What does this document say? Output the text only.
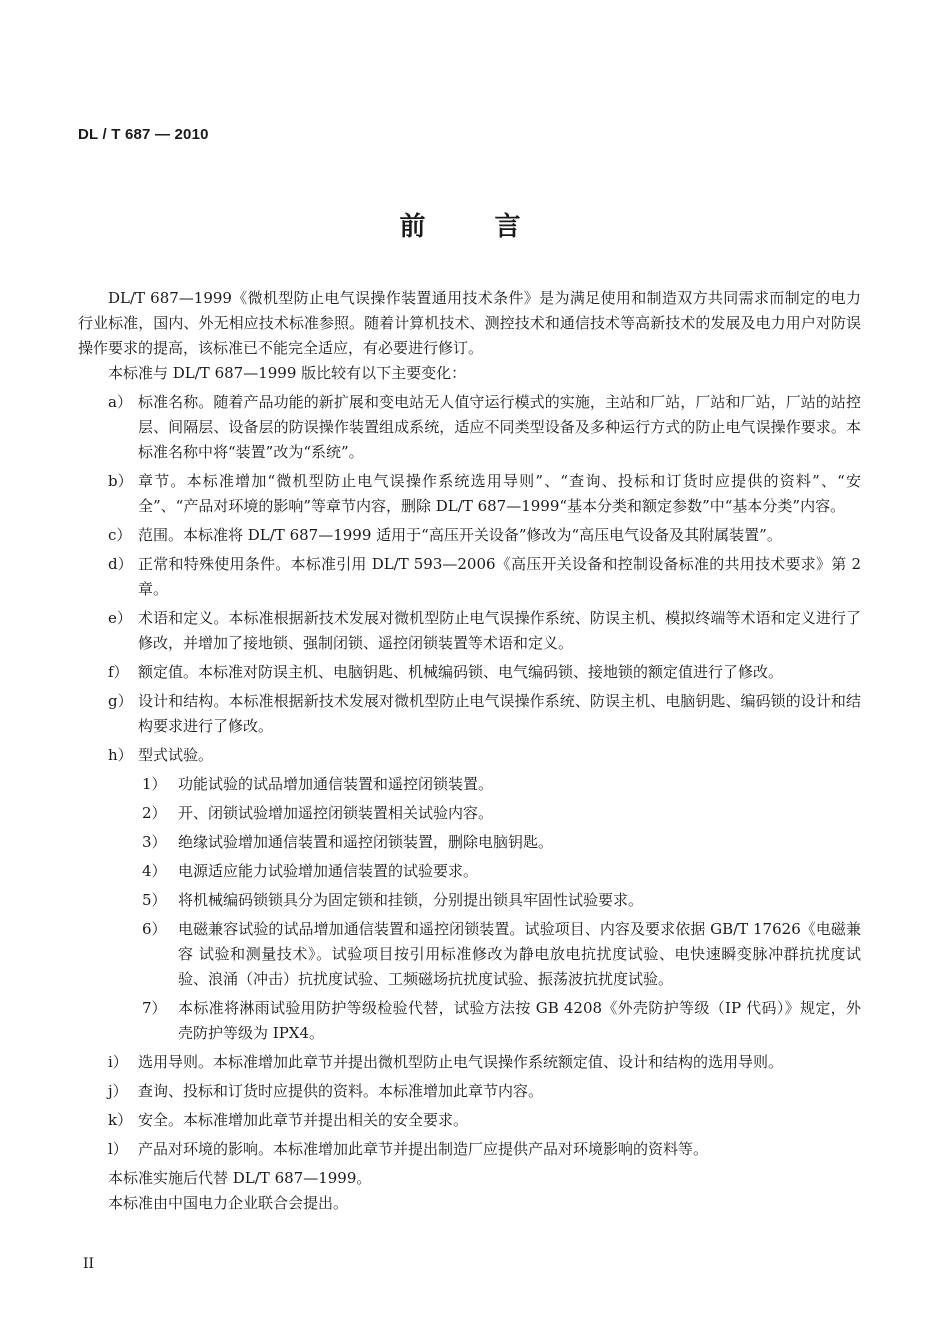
DL / T 687 — 2010
前 言

DL/T 687—1999《微机型防止电气误操作装置通用技术条件》是为满足使用和制造双方共同需求而制定的电力行业标准，国内、外无相应技术标准参照。随着计算机技术、测控技术和通信技术等高新技术的发展及电力用户对防误操作要求的提高，该标准已不能完全适应，有必要进行修订。

本标准与 DL/T 687—1999 版比较有以下主要变化：

a） 标准名称。随着产品功能的新扩展和变电站无人值守运行模式的实施，主站和厂站，厂站和厂站，厂站的站控层、间隔层、设备层的防误操作装置组成系统，适应不同类型设备及多种运行方式的防止电气误操作要求。本标准名称中将“装置”改为“系统”。
b） 章节。本标准增加“微机型防止电气误操作系统选用导则”、“查询、投标和订货时应提供的资料”、“安全”、“产品对环境的影响”等章节内容，删除 DL/T 687—1999“基本分类和额定参数”中“基本分类”内容。
c） 范围。本标准将 DL/T 687—1999 适用于“高压开关设备”修改为“高压电气设备及其附属装置”。
d） 正常和特殊使用条件。本标准引用 DL/T 593—2006《高压开关设备和控制设备标准的共用技术要求》第 2 章。
e） 术语和定义。本标准根据新技术发展对微机型防止电气误操作系统、防误主机、模拟终端等术语和定义进行了修改，并增加了接地锁、强制闭锁、遥控闭锁装置等术语和定义。
f） 额定值。本标准对防误主机、电脑钥匙、机械编码锁、电气编码锁、接地锁的额定值进行了修改。
g） 设计和结构。本标准根据新技术发展对微机型防止电气误操作系统、防误主机、电脑钥匙、编码锁的设计和结构要求进行了修改。
h） 型式试验。
1） 功能试验的试品增加通信装置和遥控闭锁装置。
2） 开、闭锁试验增加遥控闭锁装置相关试验内容。
3） 绝缘试验增加通信装置和遥控闭锁装置，删除电脑钥匙。
4） 电源适应能力试验增加通信装置的试验要求。
5） 将机械编码锁锁具分为固定锁和挂锁，分别提出锁具牢固性试验要求。
6） 电磁兼容试验的试品增加通信装置和遥控闭锁装置。试验项目、内容及要求依据 GB/T 17626《电磁兼容 试验和测量技术》。试验项目按引用标准修改为静电放电抗扰度试验、电快速瞬变脉冲群抗扰度试验、浪涌（冲击）抗扰度试验、工频磁场抗扰度试验、振荡波抗扰度试验。
7） 本标准将淋雨试验用防护等级检验代替，试验方法按 GB 4208《外壳防护等级（IP 代码）》规定，外壳防护等级为 IPX4。
i） 选用导则。本标准增加此章节并提出微机型防止电气误操作系统额定值、设计和结构的选用导则。
j） 查询、投标和订货时应提供的资料。本标准增加此章节内容。
k） 安全。本标准增加此章节并提出相关的安全要求。
l） 产品对环境的影响。本标准增加此章节并提出制造厂应提供产品对环境影响的资料等。

本标准实施后代替 DL/T 687—1999。

本标准由中国电力企业联合会提出。

II
